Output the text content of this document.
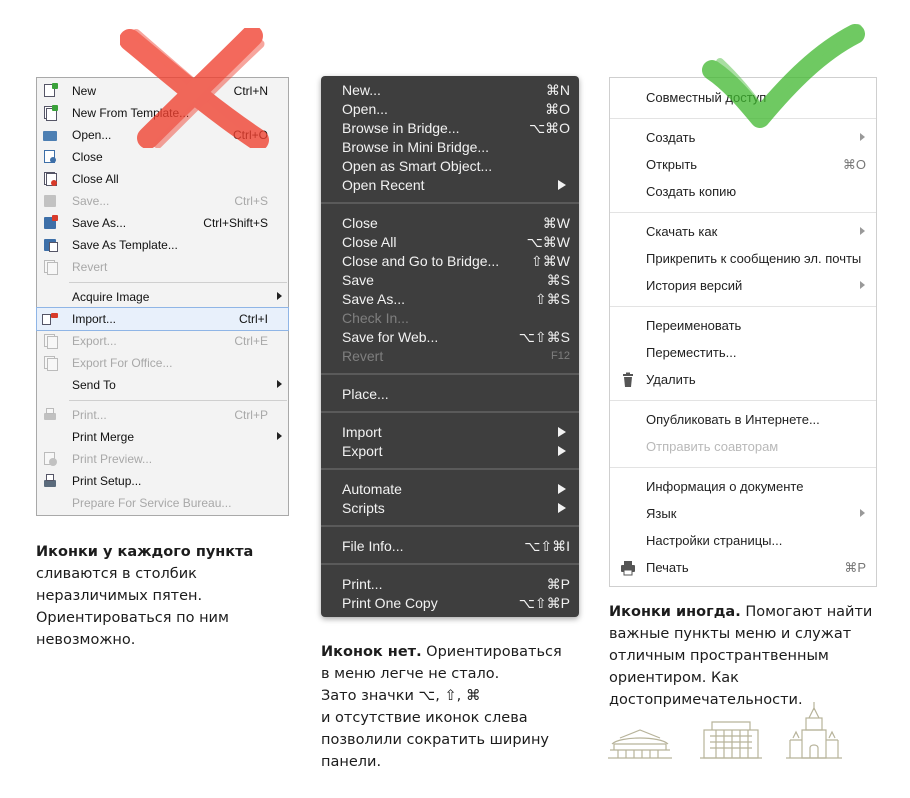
New	Ctrl+N
New From Template...
Open...	Ctrl+O
Close
Close All
Save...	Ctrl+S
Save As...	Ctrl+Shift+S
Save As Template...
Revert
Acquire Image
Import...	Ctrl+I
Export...	Ctrl+E
Export For Office...
Send To
Print...	Ctrl+P
Print Merge
Print Preview...
Print Setup...
Prepare For Service Bureau...
New...	⌘N
Open...	⌘O
Browse in Bridge...	⌥⌘O
Browse in Mini Bridge...
Open as Smart Object...
Open Recent
Close	⌘W
Close All	⌥⌘W
Close and Go to Bridge... ⇧⌘W
Save	⌘S
Save As...	⇧⌘S
Check In...
Save for Web...	⌥⇧⌘S
Revert	F12
Place...
Import
Export
Automate
Scripts
File Info...	⌥⇧⌘I
Print...	⌘P
Print One Copy	⌥⇧⌘P
Совместный доступ
Создать
Открыть	⌘O
Создать копию
Скачать как
Прикрепить к сообщению эл. почты
История версий
Переименовать
Переместить...
Удалить
Опубликовать в Интернете...
Отправить соавторам
Информация о документе
Язык
Настройки страницы...
Печать	⌘P
Иконки у каждого пункта
сливаются в столбик
неразличимых пятен.
Ориентироваться по ним
невозможно.
Иконок нет. Ориентироваться
в меню легче не стало.
Зато значки ⌥, ⇧, ⌘
и отсутствие иконок слева
позволили сократить ширину
панели.
Иконки иногда. Помогают найти
важные пункты меню и служат
отличным пространтвенным
ориентиром. Как
достопримечательности.
